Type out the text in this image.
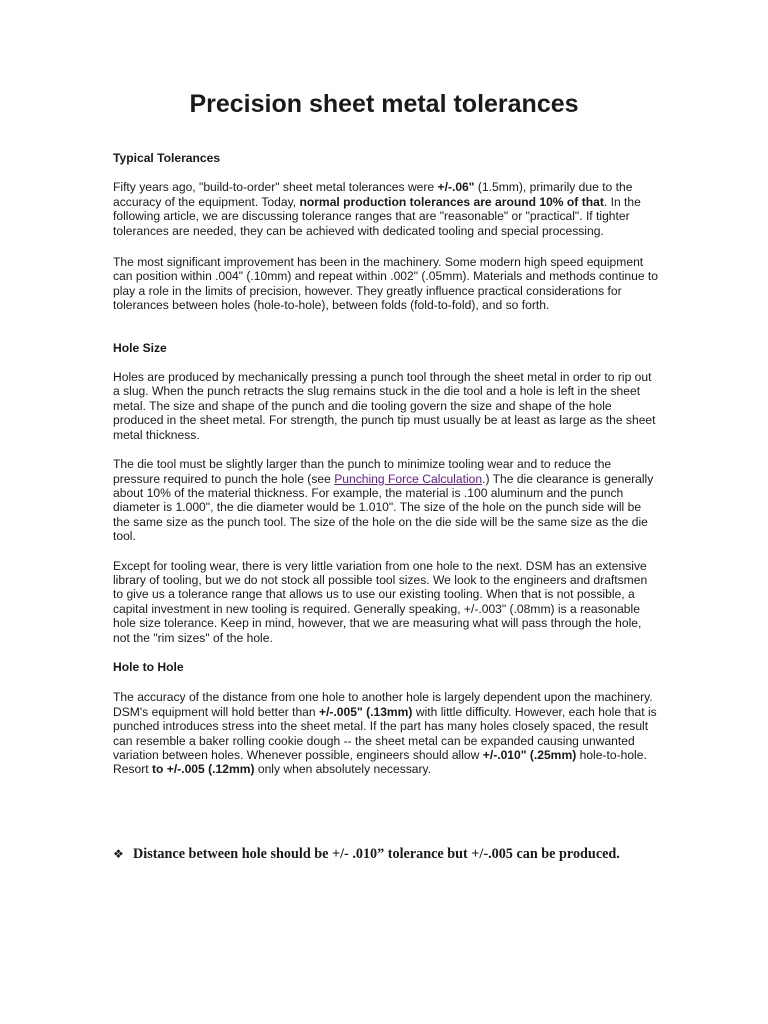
Precision sheet metal tolerances

Typical Tolerances

Fifty years ago, "build-to-order" sheet metal tolerances were +/-.06" (1.5mm), primarily due to the accuracy of the equipment. Today, normal production tolerances are around 10% of that. In the following article, we are discussing tolerance ranges that are "reasonable" or "practical". If tighter tolerances are needed, they can be achieved with dedicated tooling and special processing.

The most significant improvement has been in the machinery. Some modern high speed equipment can position within .004" (.10mm) and repeat within .002" (.05mm). Materials and methods continue to play a role in the limits of precision, however. They greatly influence practical considerations for tolerances between holes (hole-to-hole), between folds (fold-to-fold), and so forth.

Hole Size

Holes are produced by mechanically pressing a punch tool through the sheet metal in order to rip out a slug. When the punch retracts the slug remains stuck in the die tool and a hole is left in the sheet metal. The size and shape of the punch and die tooling govern the size and shape of the hole produced in the sheet metal. For strength, the punch tip must usually be at least as large as the sheet metal thickness.

The die tool must be slightly larger than the punch to minimize tooling wear and to reduce the pressure required to punch the hole (see Punching Force Calculation.) The die clearance is generally about 10% of the material thickness. For example, the material is .100 aluminum and the punch diameter is 1.000", the die diameter would be 1.010". The size of the hole on the punch side will be the same size as the punch tool. The size of the hole on the die side will be the same size as the die tool.

Except for tooling wear, there is very little variation from one hole to the next. DSM has an extensive library of tooling, but we do not stock all possible tool sizes. We look to the engineers and draftsmen to give us a tolerance range that allows us to use our existing tooling. When that is not possible, a capital investment in new tooling is required. Generally speaking, +/-.003" (.08mm) is a reasonable hole size tolerance. Keep in mind, however, that we are measuring what will pass through the hole, not the "rim sizes" of the hole.

Hole to Hole

The accuracy of the distance from one hole to another hole is largely dependent upon the machinery. DSM's equipment will hold better than +/-.005" (.13mm) with little difficulty. However, each hole that is punched introduces stress into the sheet metal. If the part has many holes closely spaced, the result can resemble a baker rolling cookie dough -- the sheet metal can be expanded causing unwanted variation between holes. Whenever possible, engineers should allow +/-.010" (.25mm) hole-to-hole. Resort to +/-.005 (.12mm) only when absolutely necessary.

❖ Distance between hole should be +/- .010” tolerance but +/-.005 can be produced.
